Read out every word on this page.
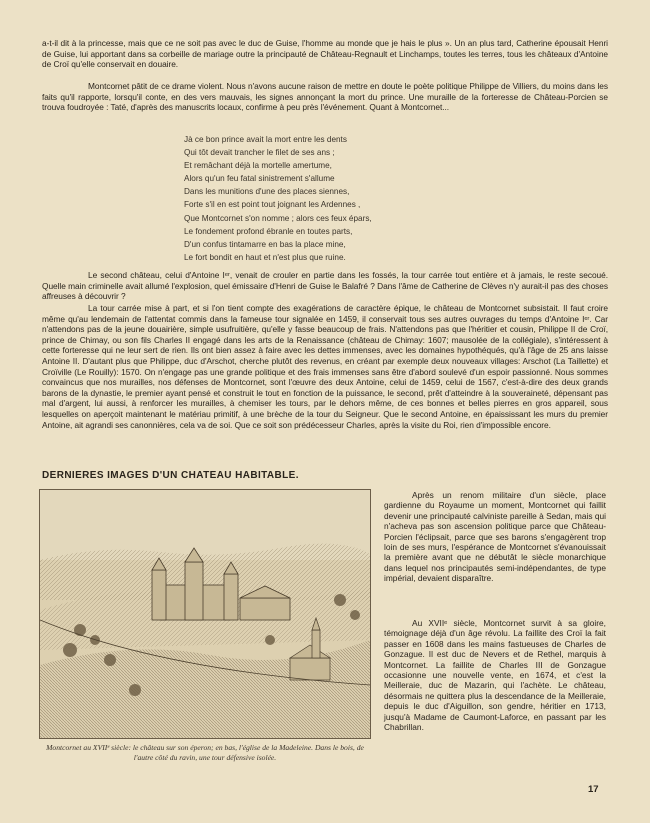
a-t-il dit à la princesse, mais que ce ne soit pas avec le duc de Guise, l'homme au monde que je hais le plus ». Un an plus tard, Catherine épousait Henri de Guise, lui apportant dans sa corbeille de mariage outre la principauté de Château-Regnault et Linchamps, toutes les terres, tous les châteaux d'Antoine de Croï qu'elle conservait en douaire.

Montcornet pâtit de ce drame violent. Nous n'avons aucune raison de mettre en doute le poète politique Philippe de Villiers, du moins dans les faits qu'il rapporte, lorsqu'il conte, en des vers mauvais, les signes annonçant la mort du prince. Une muraille de la forteresse de Château-Porcien se trouva foudroyée : Taté, d'après des manuscrits locaux, confirme à peu près l'événement. Quant à Montcornet...

Jà ce bon prince avait la mort entre les dents
Qui tôt devait trancher le filet de ses ans ;
Et remâchant déjà la mortelle amertume,
Alors qu'un feu fatal sinistrement s'allume
Dans les munitions d'une des places siennes,
Forte s'il en est point tout joignant les Ardennes ,
Que Montcornet s'on nomme ; alors ces feux épars,
Le fondement profond ébranle en toutes parts,
D'un confus tintamarre en bas la place mine,
Le fort bondit en haut et n'est plus que ruine.

Le second château, celui d'Antoine Iᵉʳ, venait de crouler en partie dans les fossés, la tour carrée tout entière et à jamais, le reste secoué. Quelle main criminelle avait allumé l'explosion, quel émissaire d'Henri de Guise le Balafré ? Dans l'âme de Catherine de Clèves n'y aurait-il pas des choses affreuses à découvrir ?

La tour carrée mise à part, et si l'on tient compte des exagérations de caractère épique, le château de Montcornet subsistait. Il faut croire même qu'au lendemain de l'attentat commis dans la fameuse tour signalée en 1459, il conservait tous ses autres ouvrages du temps d'Antoine Iᵉʳ. Car n'attendons pas de la jeune douairière, simple usufruitière, qu'elle y fasse beaucoup de frais. N'attendons pas que l'héritier et cousin, Philippe II de Croï, prince de Chimay, ou son fils Charles II engagé dans les arts de la Renaissance (château de Chimay: 1607; mausolée de la collégiale), s'intéressent à cette forteresse qui ne leur sert de rien. Ils ont bien assez à faire avec les dettes immenses, avec les domaines hypothéqués, qu'à l'âge de 25 ans laisse Antoine II. D'autant plus que Philippe, duc d'Arschot, cherche plutôt des revenus, en créant par exemple deux nouveaux villages: Arschot (La Taillette) et Croïville (Le Rouilly): 1570. On n'engage pas une grande politique et des frais immenses sans être d'abord soulevé d'un espoir passionné. Nous sommes convaincus que nos murailles, nos défenses de Montcornet, sont l'œuvre des deux Antoine, celui de 1459, celui de 1567, c'est-à-dire des deux grands barons de la dynastie, le premier ayant pensé et construit le tout en fonction de la puissance, le second, prêt d'atteindre à la souveraineté, dépensant pas mal d'argent, lui aussi, à renforcer les murailles, à chemiser les tours, par le dehors même, de ces bonnes et belles pierres en gros appareil, sous lesquelles on aperçoit maintenant le matériau primitif, à une brèche de la tour du Seigneur. Que le second Antoine, en épaississant les murs du premier Antoine, ait agrandi ses canonnières, cela va de soi. Que ce soit son prédécesseur Charles, après la visite du Roi, rien d'impossible encore.

DERNIERES IMAGES D'UN CHATEAU HABITABLE.
Montcornet au XVIIᵉ siècle: le château sur son éperon; en bas, l'église de la Madeleine. Dans le bois, de l'autre côté du ravin, une tour défensive isolée.

Après un renom militaire d'un siècle, place gardienne du Royaume un moment, Montcornet qui faillit devenir une principauté calviniste pareille à Sedan, mais qui n'acheva pas son ascension politique parce que Château-Porcien l'éclipsait, parce que ses barons s'engagèrent trop loin de ses murs, l'espérance de Montcornet s'évanouissait la première avant que ne débutât le siècle monarchique dans lequel nos principautés semi-indépendantes, de type impérial, devaient disparaître.

Au XVIIᵉ siècle, Montcornet survit à sa gloire, témoignage déjà d'un âge révolu. La faillite des Croï la fait passer en 1608 dans les mains fastueuses de Charles de Gonzague. Il est duc de Nevers et de Rethel, marquis à Montcornet. La faillite de Charles III de Gonzague occasionne une nouvelle vente, en 1674, et c'est la Meilleraie, duc de Mazarin, qui l'achète. Le château, désormais ne quittera plus la descendance de la Meilleraie, depuis le duc d'Aiguillon, son gendre, héritier en 1713, jusqu'à Madame de Caumont-Laforce, en passant par les Chabrillan.

17
